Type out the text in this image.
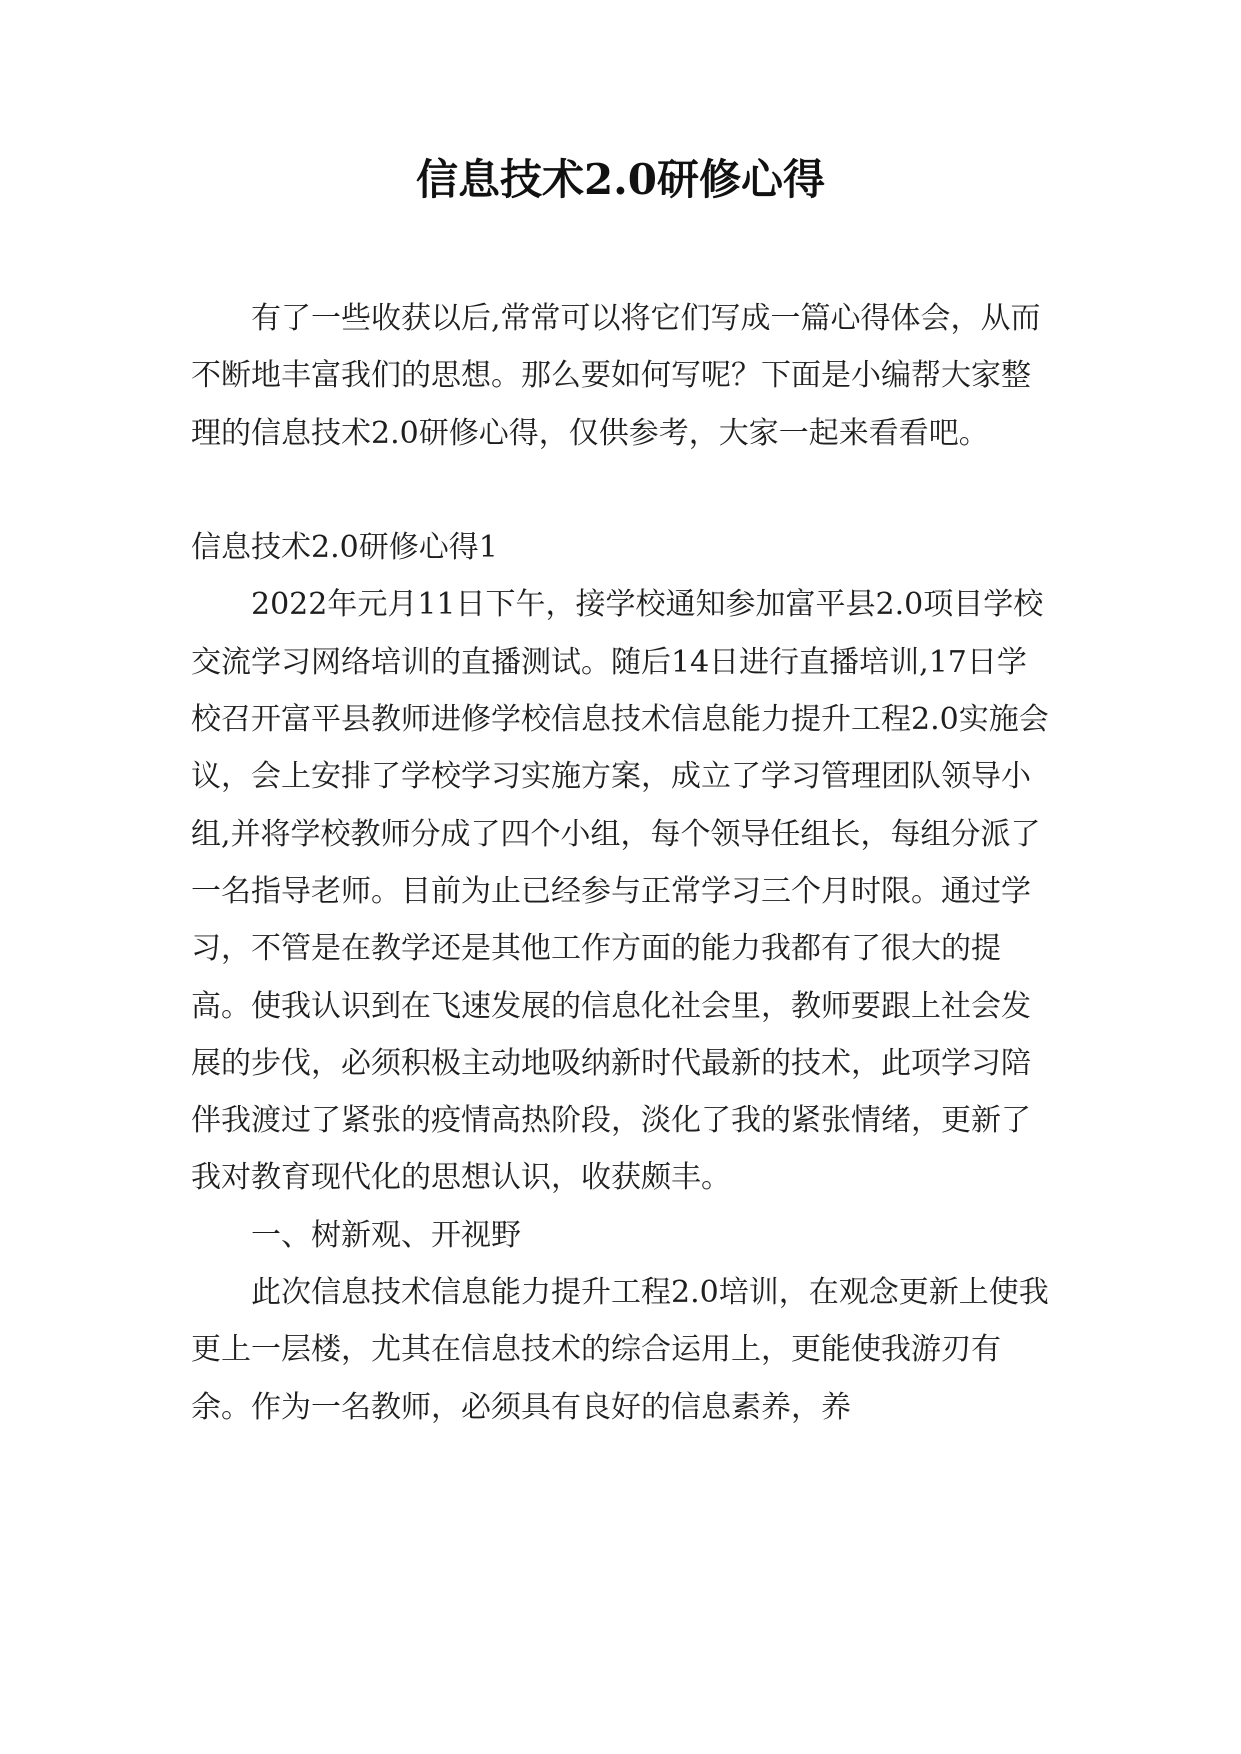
信息技术2.0研修心得

有了一些收获以后,常常可以将它们写成一篇心得体会，从而不断地丰富我们的思想。那么要如何写呢？下面是小编帮大家整理的信息技术2.0研修心得，仅供参考，大家一起来看看吧。

信息技术2.0研修心得1

2022年元月11日下午，接学校通知参加富平县2.0项目学校交流学习网络培训的直播测试。随后14日进行直播培训,17日学校召开富平县教师进修学校信息技术信息能力提升工程2.0实施会议，会上安排了学校学习实施方案，成立了学习管理团队领导小组,并将学校教师分成了四个小组，每个领导任组长，每组分派了一名指导老师。目前为止已经参与正常学习三个月时限。通过学习，不管是在教学还是其他工作方面的能力我都有了很大的提高。使我认识到在飞速发展的信息化社会里，教师要跟上社会发展的步伐，必须积极主动地吸纳新时代最新的技术，此项学习陪伴我渡过了紧张的疫情高热阶段，淡化了我的紧张情绪，更新了我对教育现代化的思想认识，收获颇丰。

一、树新观、开视野

此次信息技术信息能力提升工程2.0培训，在观念更新上使我更上一层楼，尤其在信息技术的综合运用上，更能使我游刃有余。作为一名教师，必须具有良好的信息素养，养
